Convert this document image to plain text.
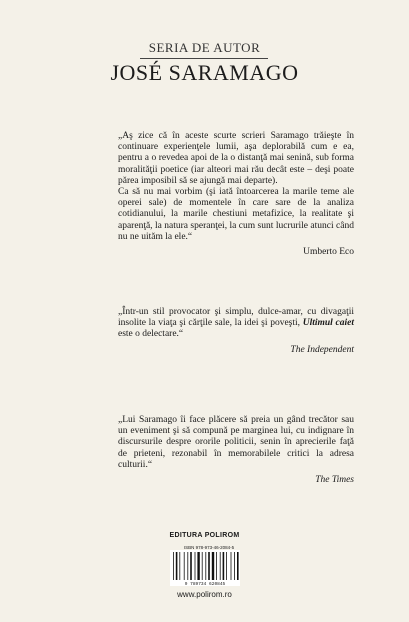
SERIA DE AUTOR
JOSÉ SARAMAGO

„Aş zice că în aceste scurte scrieri Saramago trăieşte în continuare experienţele lumii, aşa deplorabilă cum e ea, pentru a o revedea apoi de la o distanţă mai senină, sub forma moralităţii poetice (iar alteori mai rău decât este – deşi poate părea imposibil să se ajungă mai departe).

Ca să nu mai vorbim (şi iată întoarcerea la marile teme ale operei sale) de momentele în care sare de la analiza cotidianului, la marile chestiuni metafizice, la realitate şi aparenţă, la natura speranţei, la cum sunt lucrurile atunci când nu ne uităm la ele.“

Umberto Eco

„Într-un stil provocator şi simplu, dulce-amar, cu divagaţii insolite la viaţa şi cărţile sale, la idei şi poveşti, Ultimul caiet este o delectare.“

The Independent

„Lui Saramago îi face plăcere să preia un gând trecător sau un eveniment şi să compună pe marginea lui, cu indignare în discursurile despre ororile politicii, senin în aprecierile faţă de prieteni, rezonabil în memorabilele critici la adresa culturii.“

The Times
EDITURA POLIROM
ISBN 978-973-46-2084-5
9 789734 620845
www.polirom.ro
